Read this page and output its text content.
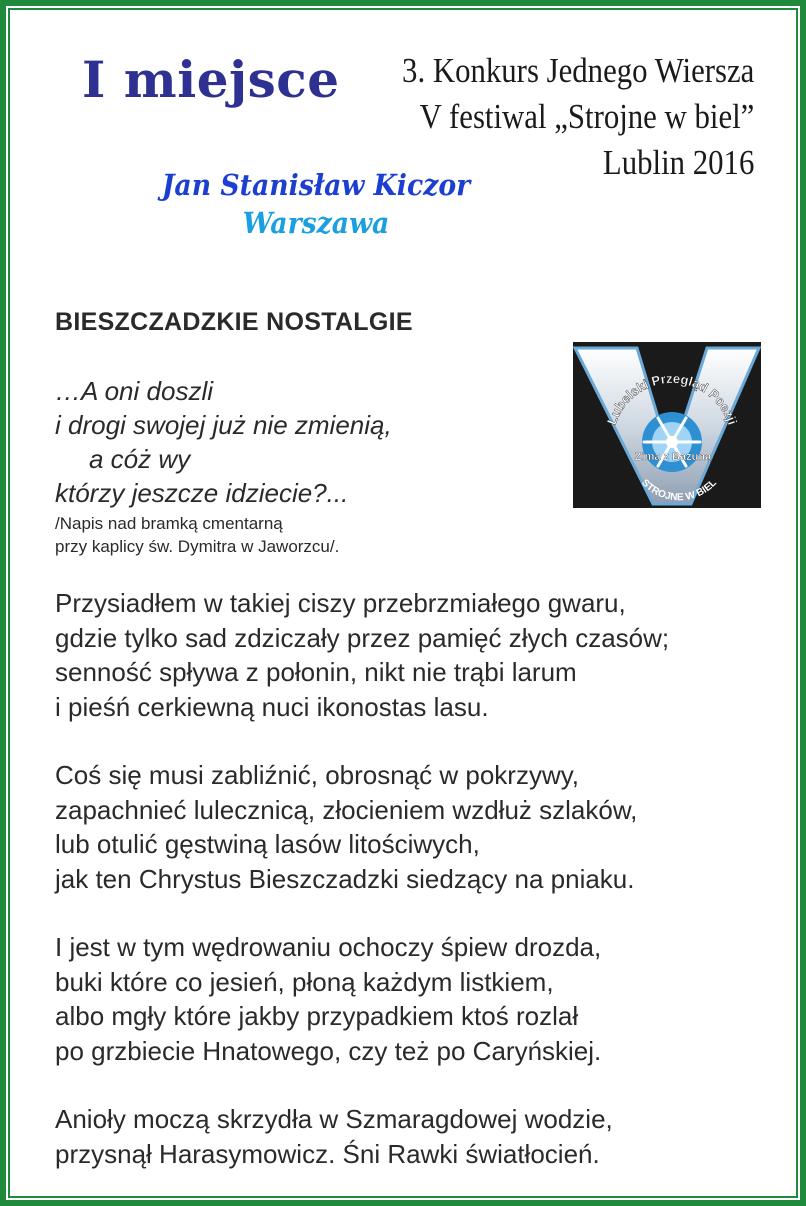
I miejsce 3. Konkurs Jednego Wiersza
V festiwal „Strojne w biel”
Lublin 2016
Jan Stanisław Kiczor
Warszawa
BIESZCZADZKIE NOSTALGIE
…A oni doszli
i drogi swojej już nie zmienią,
a cóż wy
którzy jeszcze idziecie?...
/Napis nad bramką cmentarną
przy kaplicy św. Dymitra w Jaworzcu/.
Lubelski Przegląd Poezji
Zima z Bazuną
STROJNE W BIEL
Przysiadłem w takiej ciszy przebrzmiałego gwaru,
gdzie tylko sad zdziczały przez pamięć złych czasów;
senność spływa z połonin, nikt nie trąbi larum
i pieśń cerkiewną nuci ikonostas lasu.
Coś się musi zabliźnić, obrosnąć w pokrzywy,
zapachnieć lulecznicą, złocieniem wzdłuż szlaków,
lub otulić gęstwiną lasów litościwych,
jak ten Chrystus Bieszczadzki siedzący na pniaku.
I jest w tym wędrowaniu ochoczy śpiew drozda,
buki które co jesień, płoną każdym listkiem,
albo mgły które jakby przypadkiem ktoś rozlał
po grzbiecie Hnatowego, czy też po Caryńskiej.
Anioły moczą skrzydła w Szmaragdowej wodzie,
przysnął Harasymowicz. Śni Rawki światłocień.
